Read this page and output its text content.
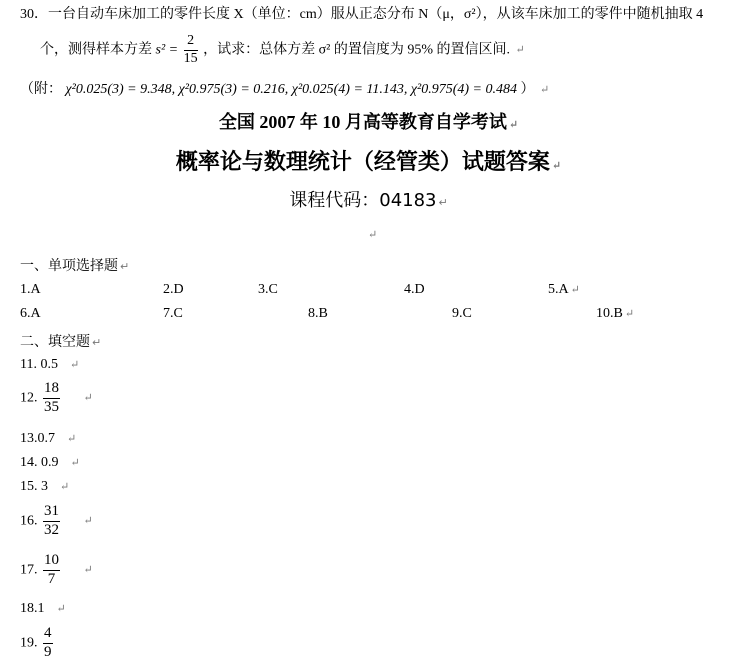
30．一台自动车床加工的零件长度 X（单位：cm）服从正态分布 N（μ，σ²），从该车床加工的零件中随机抽取 4
个，测得样本方差 $s^2 = \frac{2}{15}$ ，试求：总体方差 σ² 的置信度为 95% 的置信区间. ↵
（附： χ²0.025(3) = 9.348, χ²0.975(3) = 0.216, χ²0.025(4) = 11.143, χ²0.975(4) = 0.484 ） ↵
全国 2007 年 10 月高等教育自学考试 ↵
概率论与数理统计（经管类）试题答案 ↵
课程代码：04183 ↵
↵
一、单项选择题 ↵
1.A	2.D	3.C	4.D	5.A ↵
6.A	7.C	8.B	9.C	10.B ↵
二、填空题 ↵
11. 0.5 ↵
12. $\frac{18}{35}$ ↵
13.0.7 ↵
14. 0.9 ↵
15. 3 ↵
16. $\frac{31}{32}$ ↵
17. $\frac{10}{7}$ ↵
18.1 ↵
19. $\frac{4}{9}$
